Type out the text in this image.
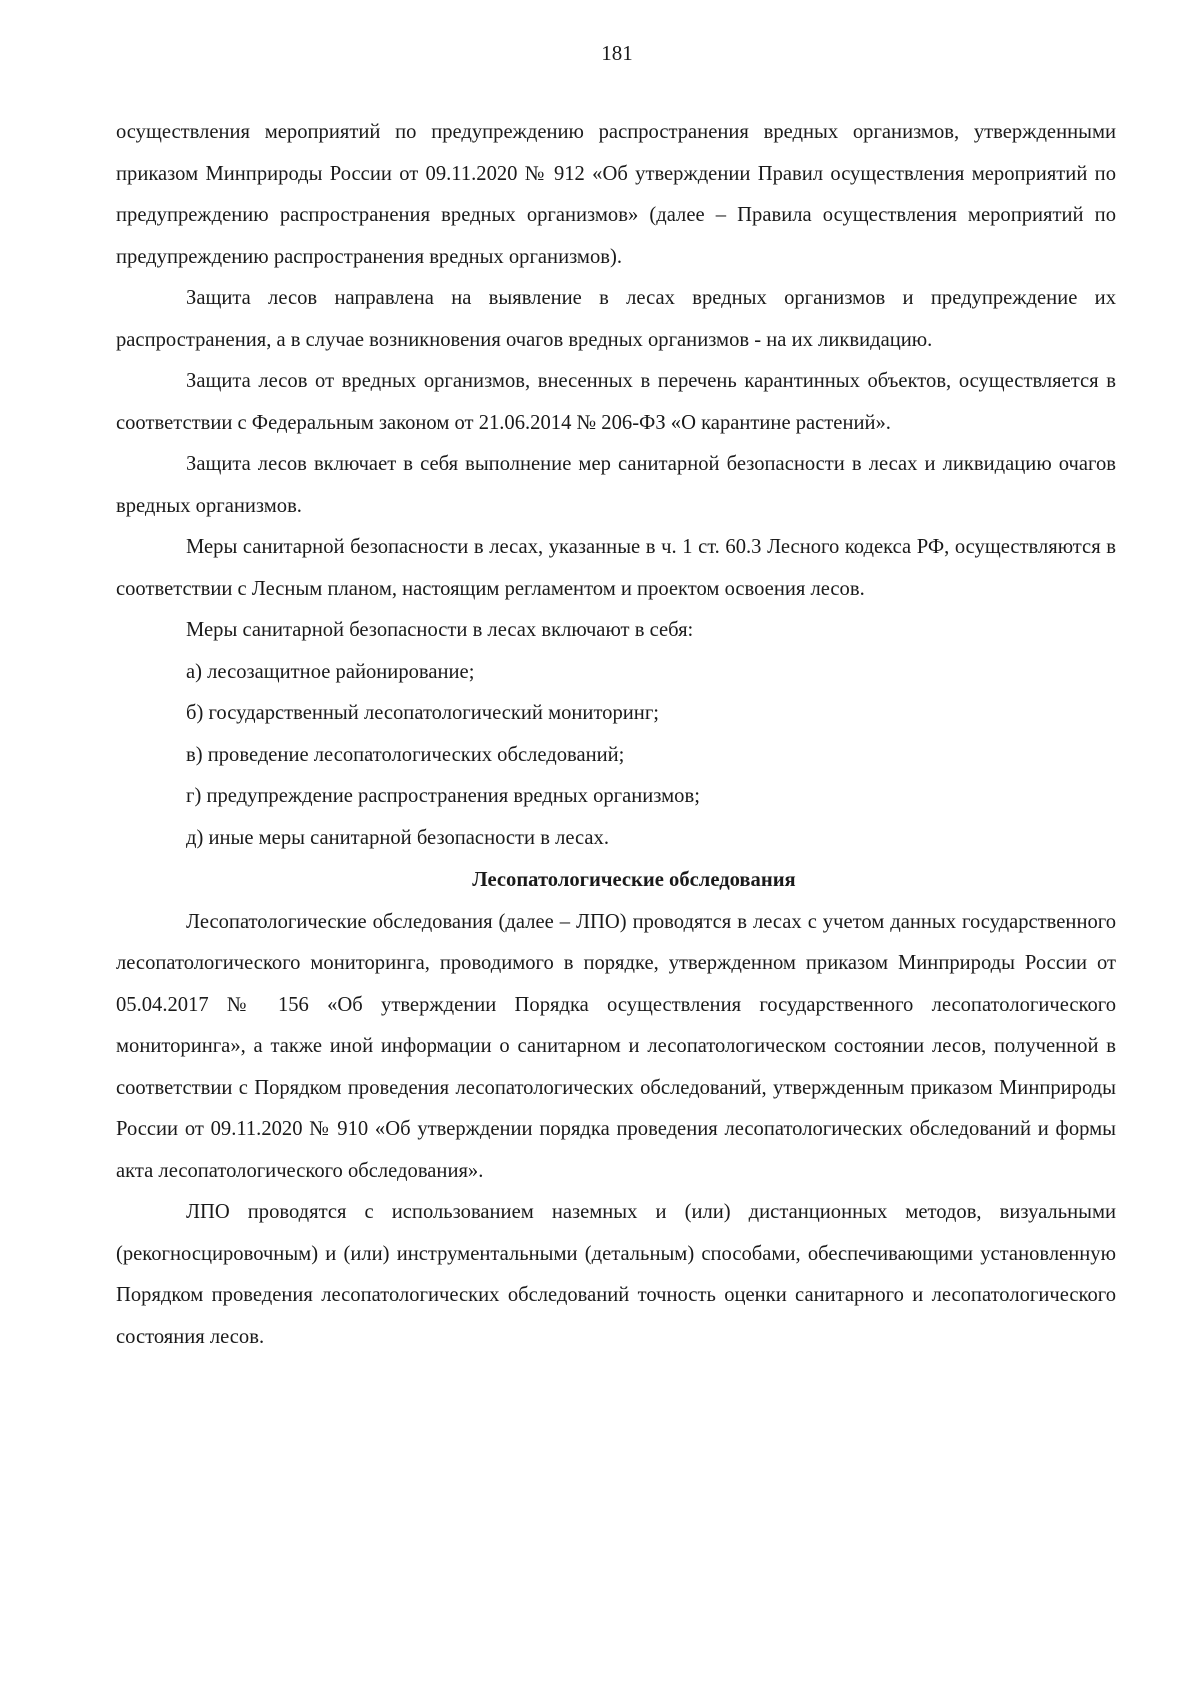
181

осуществления мероприятий по предупреждению распространения вредных организмов, утвержденными приказом Минприроды России от 09.11.2020 № 912 «Об утверждении Правил осуществления мероприятий по предупреждению распространения вредных организмов» (далее – Правила осуществления мероприятий по предупреждению распространения вредных организмов).

Защита лесов направлена на выявление в лесах вредных организмов и предупреждение их распространения, а в случае возникновения очагов вредных организмов - на их ликвидацию.

Защита лесов от вредных организмов, внесенных в перечень карантинных объектов, осуществляется в соответствии с Федеральным законом от 21.06.2014 № 206-ФЗ «О карантине растений».

Защита лесов включает в себя выполнение мер санитарной безопасности в лесах и ликвидацию очагов вредных организмов.

Меры санитарной безопасности в лесах, указанные в ч. 1 ст. 60.3 Лесного кодекса РФ, осуществляются в соответствии с Лесным планом, настоящим регламентом и проектом освоения лесов.

Меры санитарной безопасности в лесах включают в себя:

а) лесозащитное районирование;

б) государственный лесопатологический мониторинг;

в) проведение лесопатологических обследований;

г) предупреждение распространения вредных организмов;

д) иные меры санитарной безопасности в лесах.

Лесопатологические обследования

Лесопатологические обследования (далее – ЛПО) проводятся в лесах с учетом данных государственного лесопатологического мониторинга, проводимого в порядке, утвержденном приказом Минприроды России от 05.04.2017 № 156 «Об утверждении Порядка осуществления государственного лесопатологического мониторинга», а также иной информации о санитарном и лесопатологическом состоянии лесов, полученной в соответствии с Порядком проведения лесопатологических обследований, утвержденным приказом Минприроды России от 09.11.2020 № 910 «Об утверждении порядка проведения лесопатологических обследований и формы акта лесопатологического обследования».

ЛПО проводятся с использованием наземных и (или) дистанционных методов, визуальными (рекогносцировочным) и (или) инструментальными (детальным) способами, обеспечивающими установленную Порядком проведения лесопатологических обследований точность оценки санитарного и лесопатологического состояния лесов.
